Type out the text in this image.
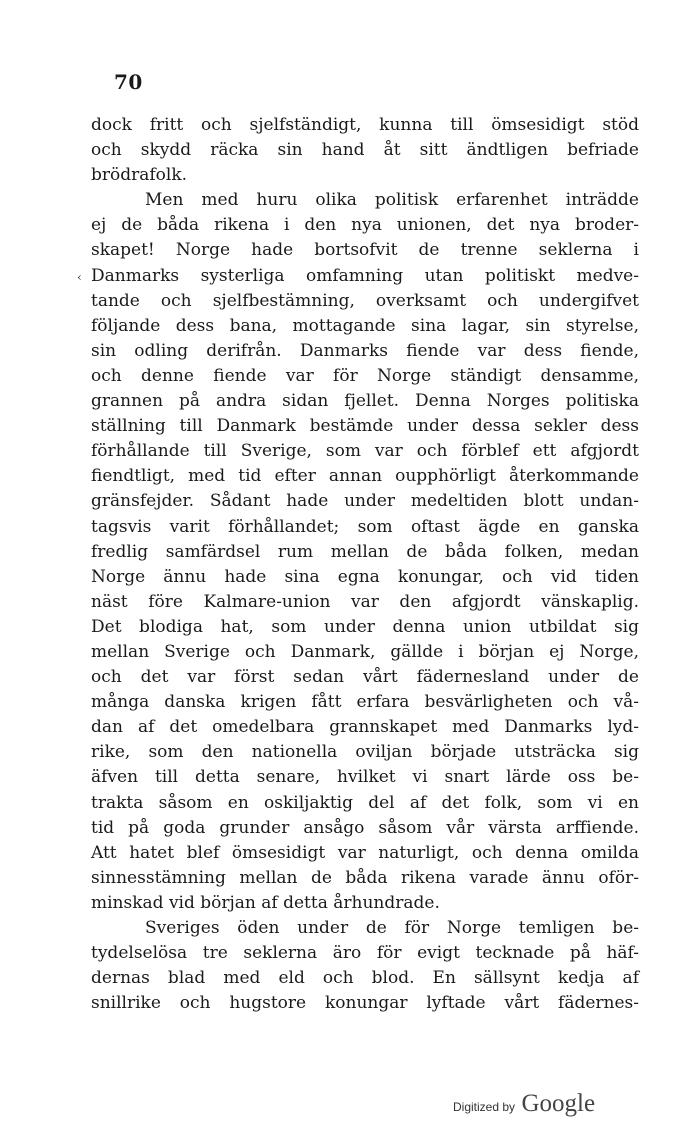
70
‹
dock fritt och sjelfständigt, kunna till ömsesidigt stöd
och skydd räcka sin hand åt sitt ändtligen befriade
brödrafolk.
Men med huru olika politisk erfarenhet inträdde
ej de båda rikena i den nya unionen, det nya broder-
skapet! Norge hade bortsofvit de trenne seklerna i
Danmarks systerliga omfamning utan politiskt medve-
tande och sjelfbestämning, overksamt och undergifvet
följande dess bana, mottagande sina lagar, sin styrelse,
sin odling derifrån. Danmarks fiende var dess fiende,
och denne fiende var för Norge ständigt densamme,
grannen på andra sidan fjellet. Denna Norges politiska
ställning till Danmark bestämde under dessa sekler dess
förhållande till Sverige, som var och förblef ett afgjordt
fiendtligt, med tid efter annan oupphörligt återkommande
gränsfejder. Sådant hade under medeltiden blott undan-
tagsvis varit förhållandet; som oftast ägde en ganska
fredlig samfärdsel rum mellan de båda folken, medan
Norge ännu hade sina egna konungar, och vid tiden
näst före Kalmare-union var den afgjordt vänskaplig.
Det blodiga hat, som under denna union utbildat sig
mellan Sverige och Danmark, gällde i början ej Norge,
och det var först sedan vårt fädernesland under de
många danska krigen fått erfara besvärligheten och vå-
dan af det omedelbara grannskapet med Danmarks lyd-
rike, som den nationella oviljan började utsträcka sig
äfven till detta senare, hvilket vi snart lärde oss be-
trakta såsom en oskiljaktig del af det folk, som vi en
tid på goda grunder ansågo såsom vår värsta arffiende.
Att hatet blef ömsesidigt var naturligt, och denna omilda
sinnesstämning mellan de båda rikena varade ännu oför-
minskad vid början af detta århundrade.
Sveriges öden under de för Norge temligen be-
tydelselösa tre seklerna äro för evigt tecknade på häf-
dernas blad med eld och blod. En sällsynt kedja af
snillrike och hugstore konungar lyftade vårt fädernes-
Digitized by Google
